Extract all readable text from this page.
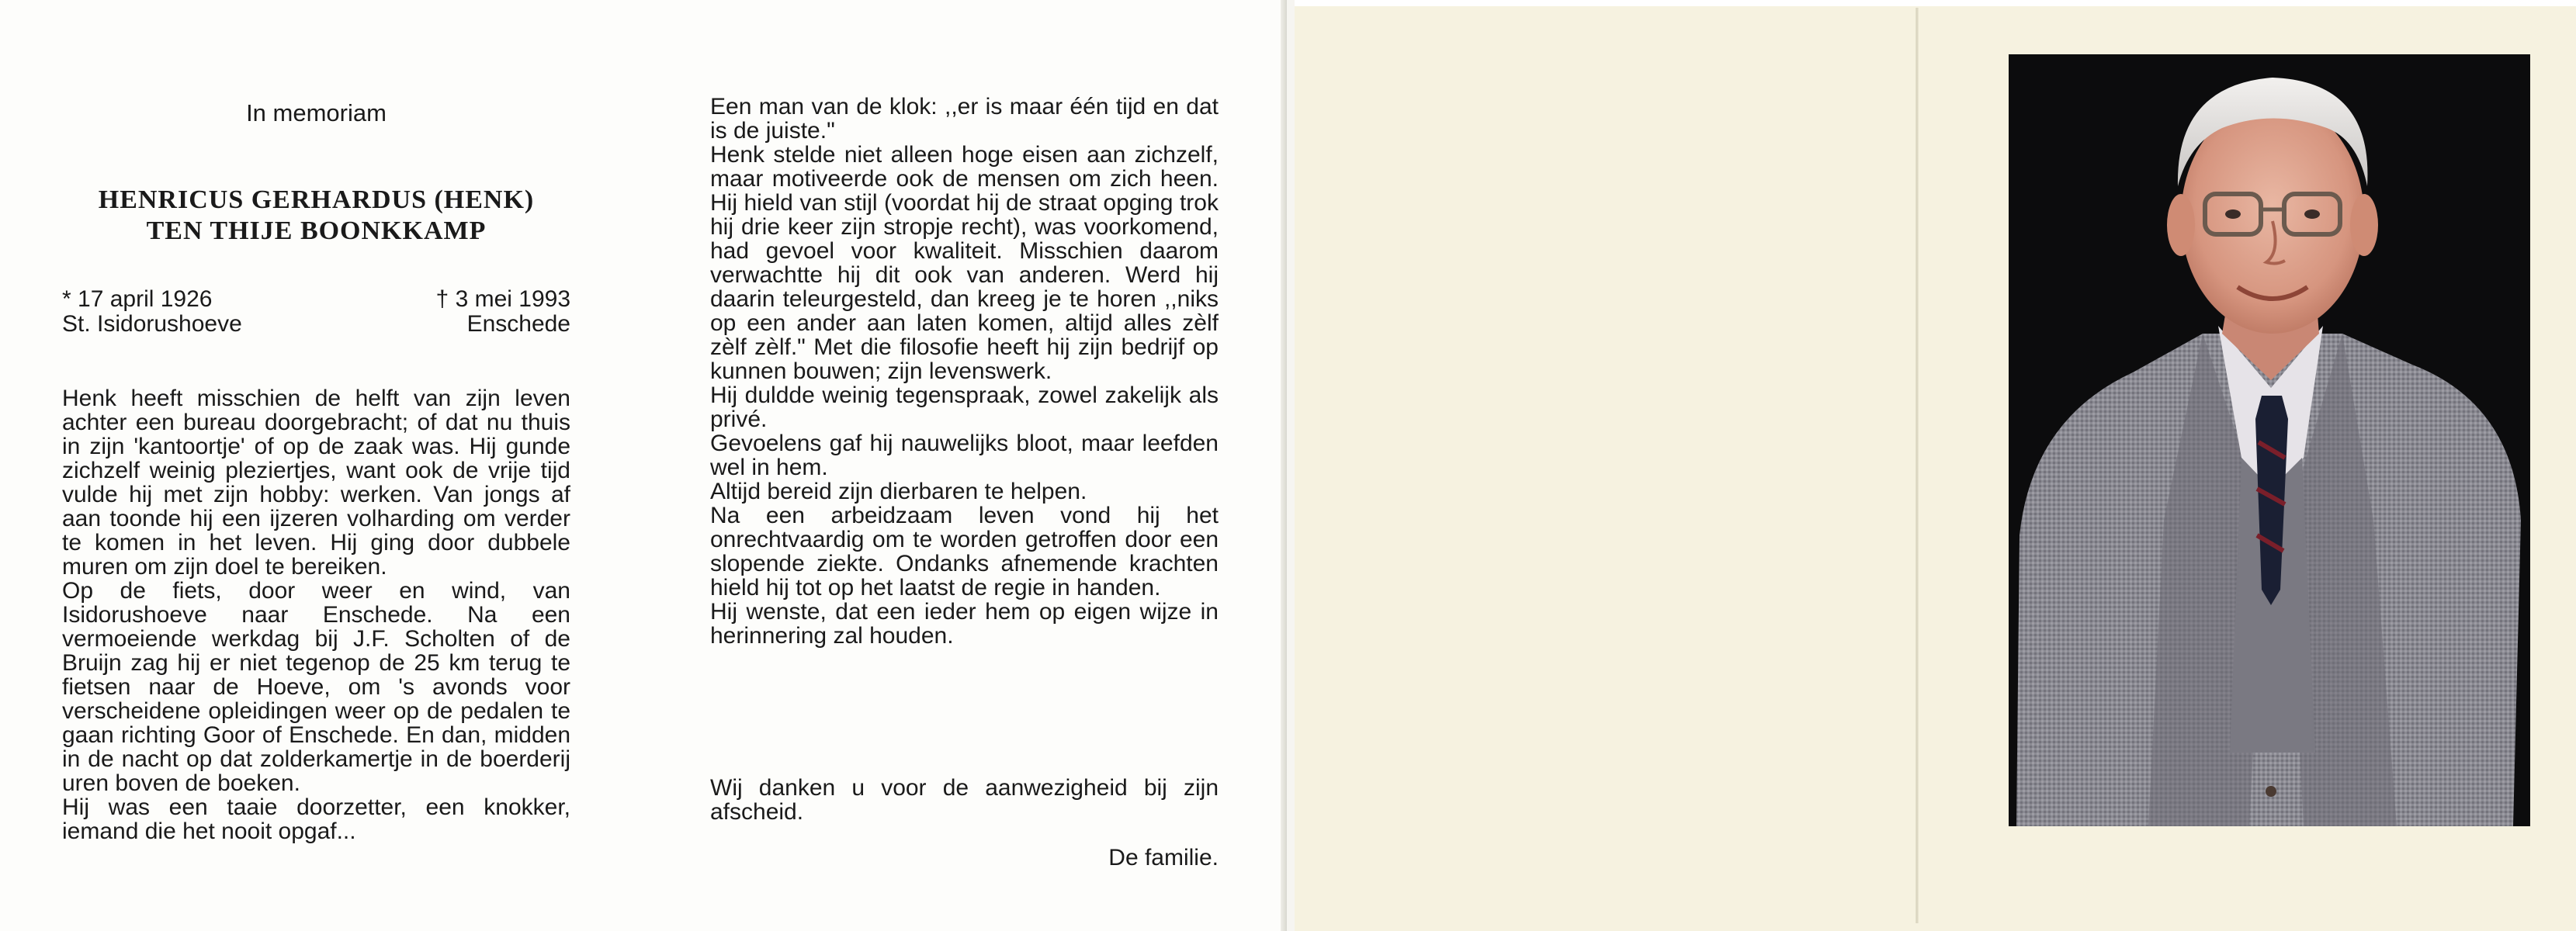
In memoriam
HENRICUS GERHARDUS (HENK)
TEN THIJE BOONKKAMP
* 17 april 1926	† 3 mei 1993
St. Isidorushoeve	Enschede

Henk heeft misschien de helft van zijn leven achter een bureau doorgebracht; of dat nu thuis in zijn 'kantoortje' of op de zaak was. Hij gunde zichzelf weinig pleziertjes, want ook de vrije tijd vulde hij met zijn hobby: werken. Van jongs af aan toonde hij een ijzeren volharding om verder te komen in het leven. Hij ging door dubbele muren om zijn doel te bereiken.

Op de fiets, door weer en wind, van Isidorushoeve naar Enschede. Na een vermoeiende werkdag bij J.F. Scholten of de Bruijn zag hij er niet tegenop de 25 km terug te fietsen naar de Hoeve, om 's avonds voor verscheidene opleidingen weer op de pedalen te gaan richting Goor of Enschede. En dan, midden in de nacht op dat zolderkamertje in de boerderij uren boven de boeken.

Hij was een taaie doorzetter, een knokker, iemand die het nooit opgaf...

Een man van de klok: ,,er is maar één tijd en dat is de juiste."

Henk stelde niet alleen hoge eisen aan zichzelf, maar motiveerde ook de mensen om zich heen. Hij hield van stijl (voordat hij de straat opging trok hij drie keer zijn stropje recht), was voorkomend, had gevoel voor kwaliteit. Misschien daarom verwachtte hij dit ook van anderen. Werd hij daarin teleurgesteld, dan kreeg je te horen ,,niks op een ander aan laten komen, altijd alles zèlf zèlf zèlf." Met die filosofie heeft hij zijn bedrijf op kunnen bouwen; zijn levenswerk.

Hij duldde weinig tegenspraak, zowel zakelijk als privé.

Gevoelens gaf hij nauwelijks bloot, maar leefden wel in hem.

Altijd bereid zijn dierbaren te helpen.

Na een arbeidzaam leven vond hij het onrechtvaardig om te worden getroffen door een slopende ziekte. Ondanks afnemende krachten hield hij tot op het laatst de regie in handen.

Hij wenste, dat een ieder hem op eigen wijze in herinnering zal houden.

Wij danken u voor de aanwezigheid bij zijn afscheid.
De familie.
